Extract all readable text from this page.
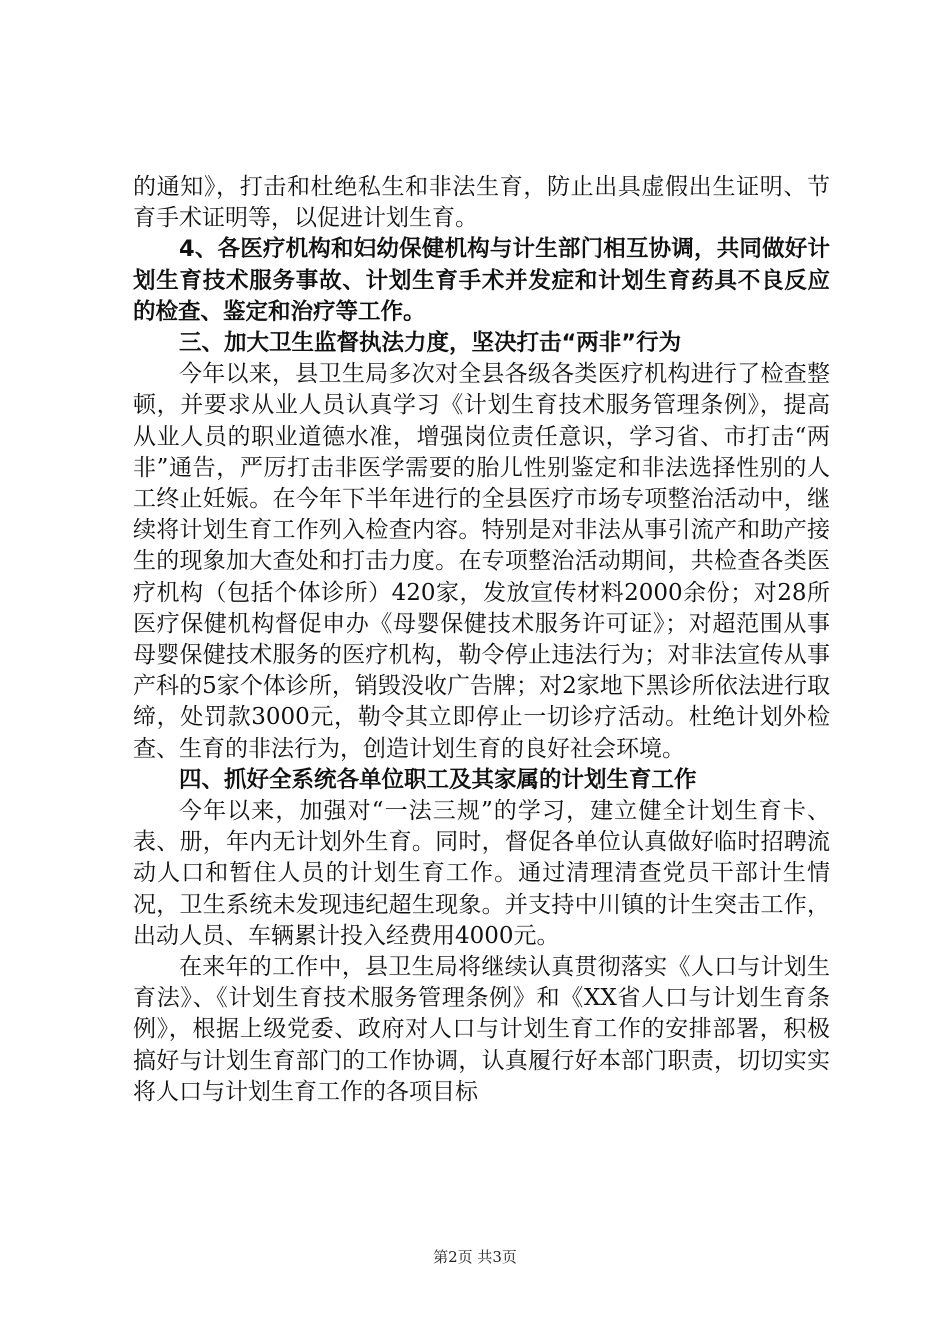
的通知》，打击和杜绝私生和非法生育，防止出具虚假出生证明、节育手术证明等，以促进计划生育。

4、各医疗机构和妇幼保健机构与计生部门相互协调，共同做好计划生育技术服务事故、计划生育手术并发症和计划生育药具不良反应的检查、鉴定和治疗等工作。

三、加大卫生监督执法力度，坚决打击“两非”行为

今年以来，县卫生局多次对全县各级各类医疗机构进行了检查整顿，并要求从业人员认真学习《计划生育技术服务管理条例》，提高从业人员的职业道德水准，增强岗位责任意识，学习省、市打击“两非”通告，严厉打击非医学需要的胎儿性别鉴定和非法选择性别的人工终止妊娠。在今年下半年进行的全县医疗市场专项整治活动中，继续将计划生育工作列入检查内容。特别是对非法从事引流产和助产接生的现象加大查处和打击力度。在专项整治活动期间，共检查各类医疗机构（包括个体诊所）420家，发放宣传材料2000余份；对28所医疗保健机构督促申办《母婴保健技术服务许可证》；对超范围从事母婴保健技术服务的医疗机构，勒令停止违法行为；对非法宣传从事产科的5家个体诊所，销毁没收广告牌；对2家地下黑诊所依法进行取缔，处罚款3000元，勒令其立即停止一切诊疗活动。杜绝计划外检查、生育的非法行为，创造计划生育的良好社会环境。

四、抓好全系统各单位职工及其家属的计划生育工作

今年以来，加强对“一法三规”的学习，建立健全计划生育卡、表、册，年内无计划外生育。同时，督促各单位认真做好临时招聘流动人口和暂住人员的计划生育工作。通过清理清查党员干部计生情况，卫生系统未发现违纪超生现象。并支持中川镇的计生突击工作，出动人员、车辆累计投入经费用4000元。

在来年的工作中，县卫生局将继续认真贯彻落实《人口与计划生育法》、《计划生育技术服务管理条例》和《XX省人口与计划生育条例》，根据上级党委、政府对人口与计划生育工作的安排部署，积极搞好与计划生育部门的工作协调，认真履行好本部门职责，切切实实将人口与计划生育工作的各项目标

第2页 共3页
